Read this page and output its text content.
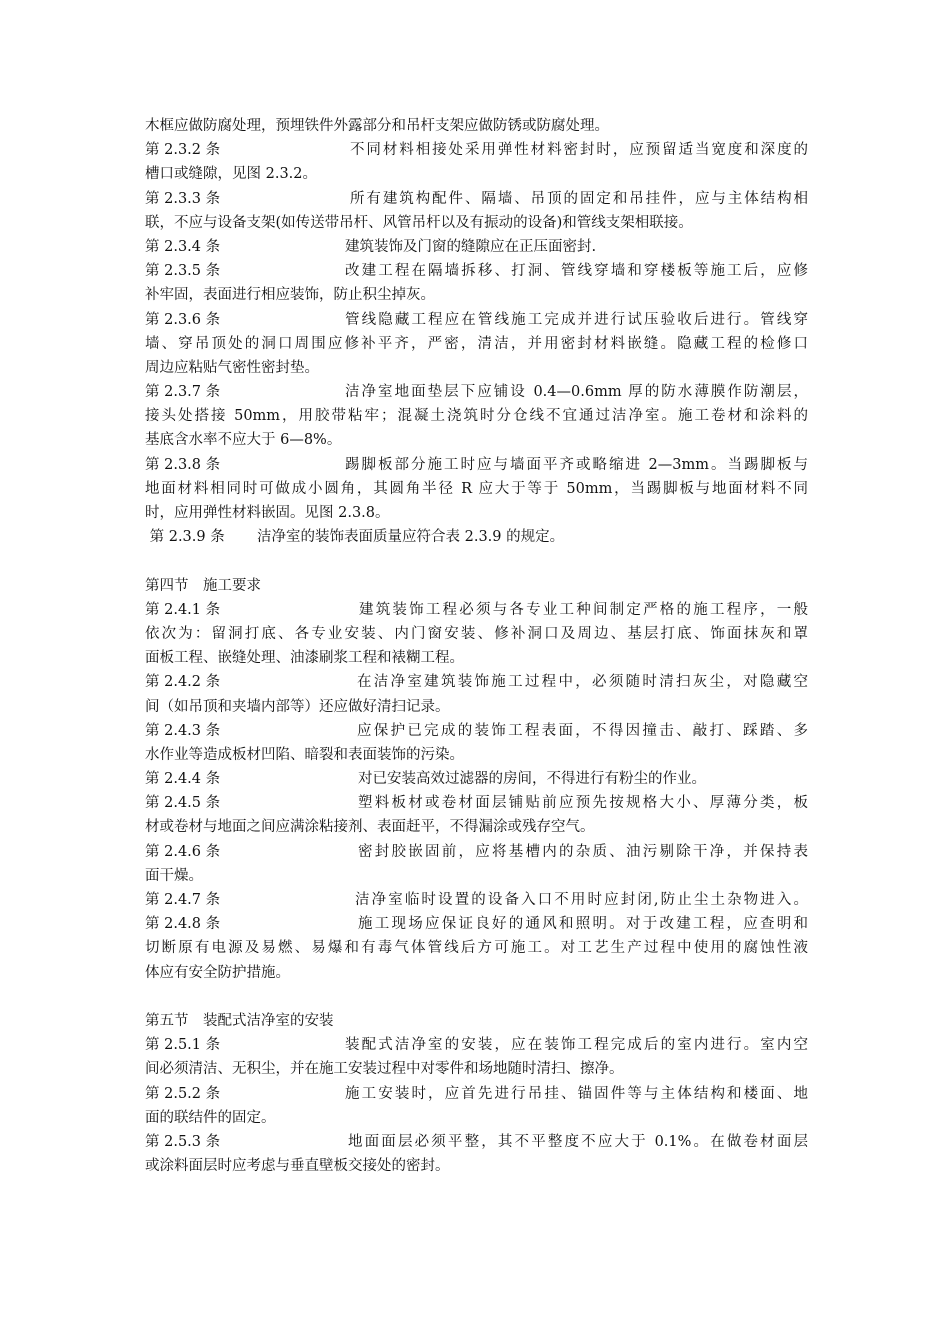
木框应做防腐处理，预埋铁件外露部分和吊杆支架应做防锈或防腐处理。
第 2.3.2 条	不同材料相接处采用弹性材料密封时，应预留适当宽度和深度的
槽口或缝隙，见图 2.3.2。
第 2.3.3 条	所有建筑构配件、隔墙、吊顶的固定和吊挂件，应与主体结构相
联，不应与设备支架(如传送带吊杆、风管吊杆以及有振动的设备)和管线支架相联接。
第 2.3.4 条	建筑装饰及门窗的缝隙应在正压面密封.
第 2.3.5 条	改建工程在隔墙拆移、打洞、管线穿墙和穿楼板等施工后，应修
补牢固，表面进行相应装饰，防止积尘掉灰。
第 2.3.6 条	管线隐藏工程应在管线施工完成并进行试压验收后进行。管线穿
墙、穿吊顶处的洞口周围应修补平齐，严密，清洁，并用密封材料嵌缝。隐藏工程的检修口
周边应粘贴气密性密封垫。
第 2.3.7 条	洁净室地面垫层下应铺设 0.4—0.6mm 厚的防水薄膜作防潮层，
接头处搭接 50mm，用胶带粘牢；混凝土浇筑时分仓线不宜通过洁净室。施工卷材和涂料的
基底含水率不应大于 6—8%。
第 2.3.8 条	踢脚板部分施工时应与墙面平齐或略缩进 2—3mm。当踢脚板与
地面材料相同时可做成小圆角，其圆角半径 R 应大于等于 50mm，当踢脚板与地面材料不同
时，应用弹性材料嵌固。见图 2.3.8。
第 2.3.9 条	洁净室的装饰表面质量应符合表 2.3.9 的规定。
第四节　施工要求
第 2.4.1 条	建筑装饰工程必须与各专业工种间制定严格的施工程序，一般
依次为：留洞打底、各专业安装、内门窗安装、修补洞口及周边、基层打底、饰面抹灰和罩
面板工程、嵌缝处理、油漆刷浆工程和裱糊工程。
第 2.4.2 条	在洁净室建筑装饰施工过程中，必须随时清扫灰尘，对隐藏空
间（如吊顶和夹墙内部等）还应做好清扫记录。
第 2.4.3 条	应保护已完成的装饰工程表面，不得因撞击、敲打、踩踏、多
水作业等造成板材凹陷、暗裂和表面装饰的污染。
第 2.4.4 条	对已安装高效过滤器的房间，不得进行有粉尘的作业。
第 2.4.5 条	塑料板材或卷材面层铺贴前应预先按规格大小、厚薄分类，板
材或卷材与地面之间应满涂粘接剂、表面赶平，不得漏涂或残存空气。
第 2.4.6 条	密封胶嵌固前，应将基槽内的杂质、油污剔除干净，并保持表
面干燥。
第 2.4.7 条	洁净室临时设置的设备入口不用时应封闭,防止尘土杂物进入。
第 2.4.8 条	施工现场应保证良好的通风和照明。对于改建工程，应查明和
切断原有电源及易燃、易爆和有毒气体管线后方可施工。对工艺生产过程中使用的腐蚀性液
体应有安全防护措施。
第五节　装配式洁净室的安装
第 2.5.1 条	装配式洁净室的安装，应在装饰工程完成后的室内进行。室内空
间必须清洁、无积尘，并在施工安装过程中对零件和场地随时清扫、擦净。
第 2.5.2 条	施工安装时，应首先进行吊挂、锚固件等与主体结构和楼面、地
面的联结件的固定。
第 2.5.3 条	地面面层必须平整，其不平整度不应大于 0.1%。在做卷材面层
或涂料面层时应考虑与垂直壁板交接处的密封。
